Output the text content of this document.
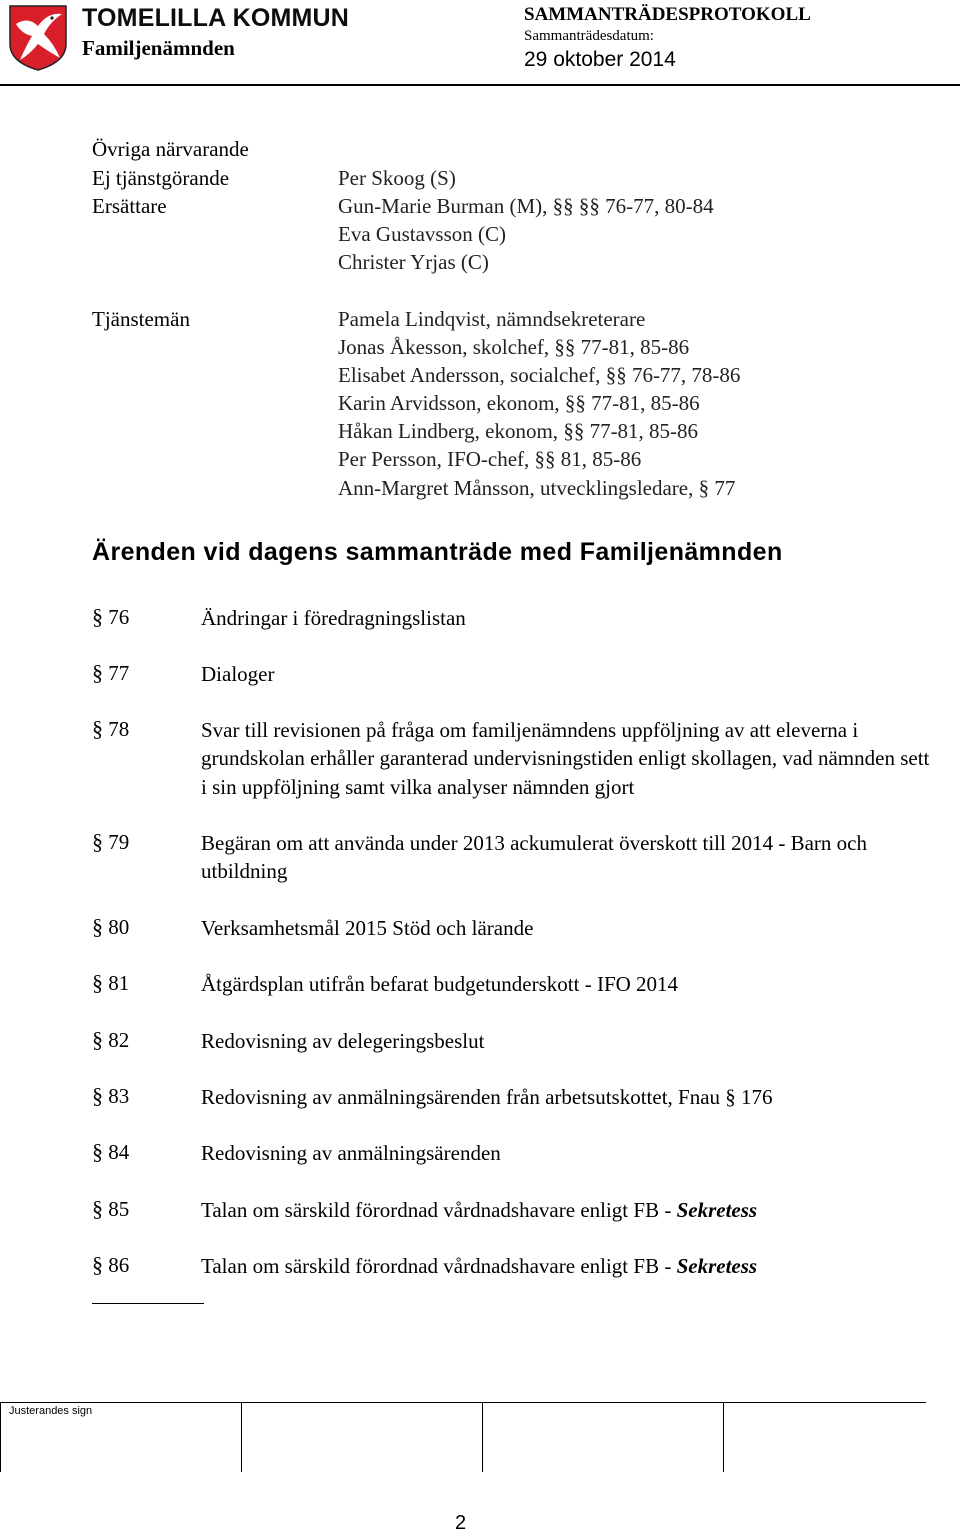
TOMELILLA KOMMUN
Familjenämnden
SAMMANTRÄDESPROTOKOLL
Sammanträdesdatum:
29 oktober 2014
Övriga närvarande
Ej tjänstgörande	Per Skoog (S)
Ersättare	Gun-Marie Burman (M), §§ §§ 76-77, 80-84
Eva Gustavsson (C)
Christer Yrjas (C)
Tjänstemän	Pamela Lindqvist, nämndsekreterare
Jonas Åkesson, skolchef, §§ 77-81, 85-86
Elisabet Andersson, socialchef, §§ 76-77, 78-86
Karin Arvidsson, ekonom, §§ 77-81, 85-86
Håkan Lindberg, ekonom, §§ 77-81, 85-86
Per Persson, IFO-chef, §§ 81, 85-86
Ann-Margret Månsson, utvecklingsledare, § 77
Ärenden vid dagens sammanträde med Familjenämnden
§ 76	Ändringar i föredragningslistan
§ 77	Dialoger
§ 78	Svar till revisionen på fråga om familjenämndens uppföljning av att eleverna i grundskolan erhåller garanterad undervisningstiden enligt skollagen, vad nämnden sett i sin uppföljning samt vilka analyser nämnden gjort
§ 79	Begäran om att använda under 2013 ackumulerat överskott till 2014 - Barn och utbildning
§ 80	Verksamhetsmål 2015 Stöd och lärande
§ 81	Åtgärdsplan utifrån befarat budgetunderskott - IFO 2014
§ 82	Redovisning av delegeringsbeslut
§ 83	Redovisning av anmälningsärenden från arbetsutskottet, Fnau § 176
§ 84	Redovisning av anmälningsärenden
§ 85	Talan om särskild förordnad vårdnadshavare enligt FB - Sekretess
§ 86	Talan om särskild förordnad vårdnadshavare enligt FB - Sekretess
Justerandes sign
2
